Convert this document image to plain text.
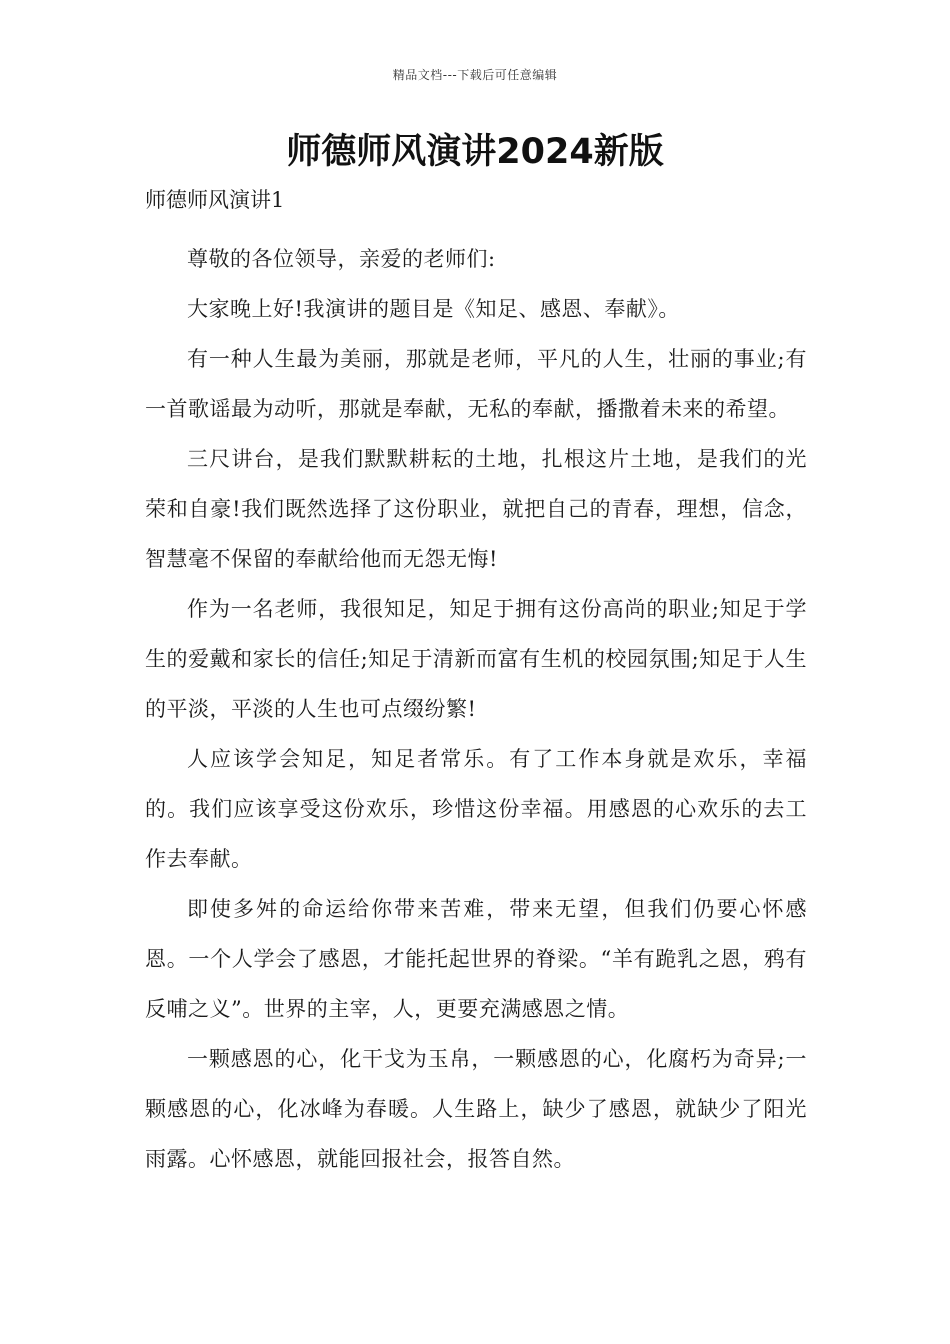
精品文档---下载后可任意编辑
师德师风演讲2024新版
师德师风演讲1

尊敬的各位领导，亲爱的老师们:

大家晚上好!我演讲的题目是《知足、感恩、奉献》。

有一种人生最为美丽，那就是老师，平凡的人生，壮丽的事业;有一首歌谣最为动听，那就是奉献，无私的奉献，播撒着未来的希望。

三尺讲台，是我们默默耕耘的土地，扎根这片土地，是我们的光荣和自豪!我们既然选择了这份职业，就把自己的青春，理想，信念，智慧毫不保留的奉献给他而无怨无悔!

作为一名老师，我很知足，知足于拥有这份高尚的职业;知足于学生的爱戴和家长的信任;知足于清新而富有生机的校园氛围;知足于人生的平淡，平淡的人生也可点缀纷繁!

人应该学会知足，知足者常乐。有了工作本身就是欢乐，幸福的。我们应该享受这份欢乐，珍惜这份幸福。用感恩的心欢乐的去工作去奉献。

即使多舛的命运给你带来苦难，带来无望，但我们仍要心怀感恩。一个人学会了感恩，才能托起世界的脊梁。“羊有跪乳之恩，鸦有反哺之义”。世界的主宰，人，更要充满感恩之情。

一颗感恩的心，化干戈为玉帛，一颗感恩的心，化腐朽为奇异;一颗感恩的心，化冰峰为春暖。人生路上，缺少了感恩，就缺少了阳光雨露。心怀感恩，就能回报社会，报答自然。
